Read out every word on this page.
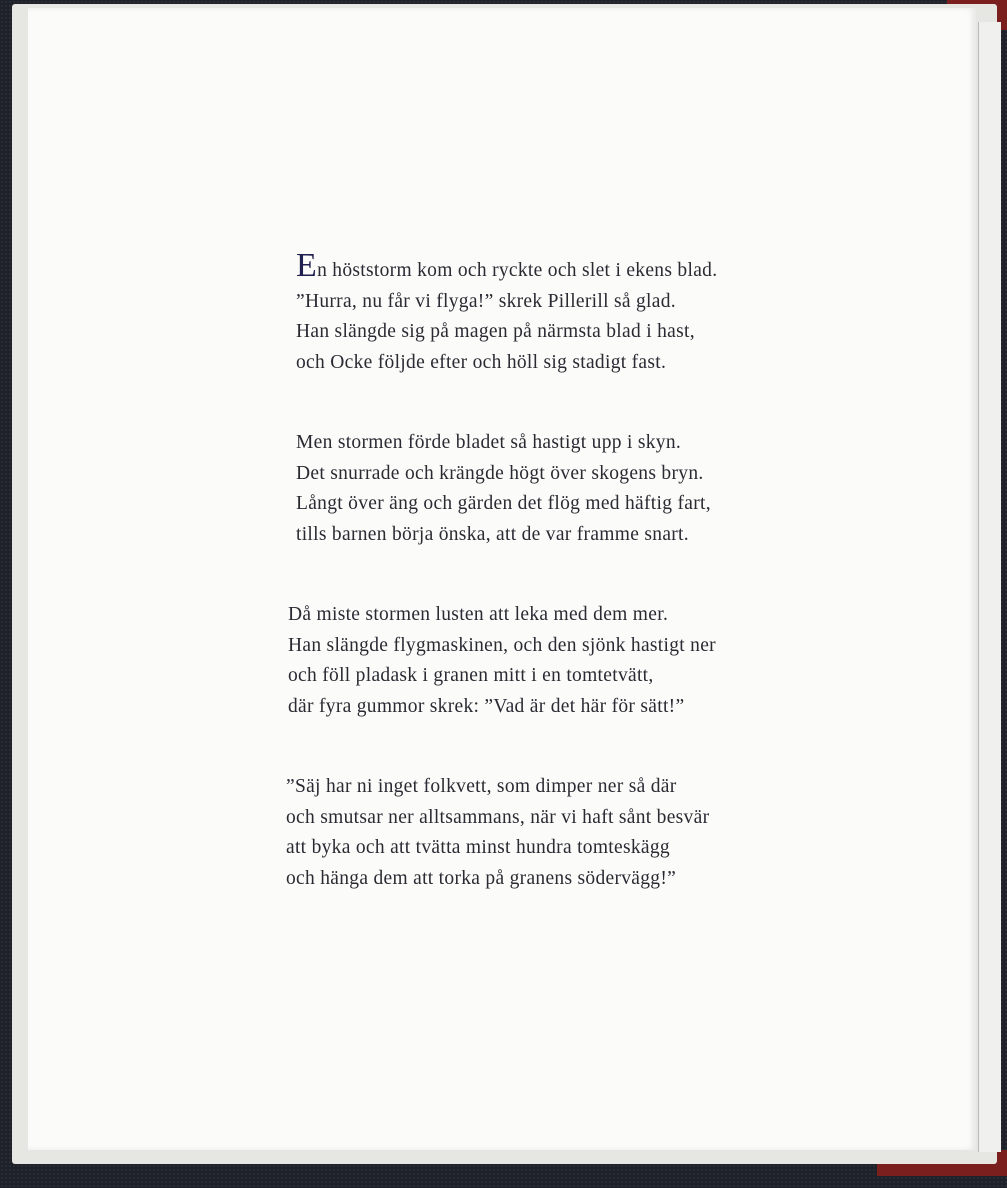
En höststorm kom och ryckte och slet i ekens blad.
”Hurra, nu får vi flyga!” skrek Pillerill så glad.
Han slängde sig på magen på närmsta blad i hast,
och Ocke följde efter och höll sig stadigt fast.
Men stormen förde bladet så hastigt upp i skyn.
Det snurrade och krängde högt över skogens bryn.
Långt över äng och gärden det flög med häftig fart,
tills barnen börja önska, att de var framme snart.
Då miste stormen lusten att leka med dem mer.
Han slängde flygmaskinen, och den sjönk hastigt ner
och föll pladask i granen mitt i en tomtetvätt,
där fyra gummor skrek: ”Vad är det här för sätt!”
”Säj har ni inget folkvett, som dimper ner så där
och smutsar ner alltsammans, när vi haft sånt besvär
att byka och att tvätta minst hundra tomteskägg
och hänga dem att torka på granens södervägg!”
